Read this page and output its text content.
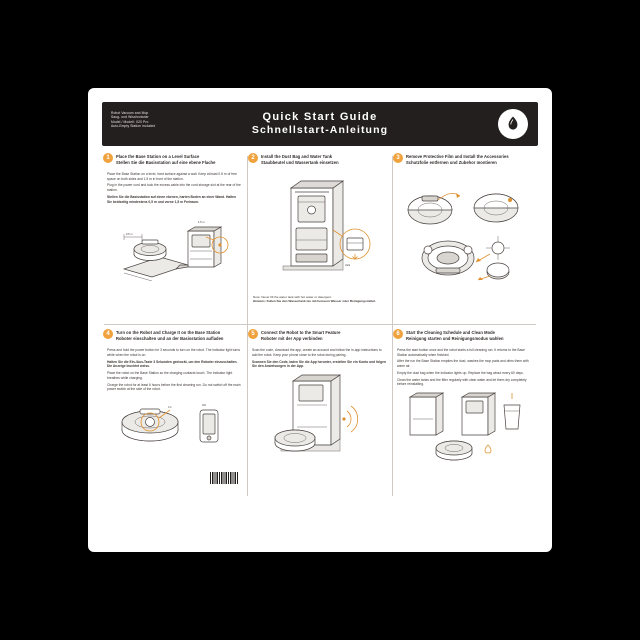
Robot Vacuum and Mop
Saug- und Wischroboter
Model / Modell: X20 Pro
Auto-Empty Station included
Quick Start Guide
Schnellstart-Anleitung
1	Place the Base Station on a Level Surface
Stellen Sie die Basisstation auf eine ebene Flache

Place the Base Station on a level, hard surface against a wall. Keep at least 0.5 m of free space on both sides and 1.5 m in front of the station.

Plug in the power cord and tuck the excess cable into the cord storage slot at the rear of the station.

Stellen Sie die Basisstation auf einen ebenen, harten Boden an einer Wand. Halten Sie beidseitig mindestens 0,5 m und vorne 1,5 m Freiraum.

0.5 m
1.5 m
2	Install the Dust Bag and Water Tank
Staubbeutel und Wassertank einsetzen
click
Note: Never fill the water tank with hot water or detergent.
Hinweis: Fullen Sie den Wassertank nie mit heissem Wasser oder Reinigungsmittel.
3	Remove Protective Film and Install the Accessories
Schutzfolie entfernen und Zubehor montieren
4	Turn on the Robot and Charge It on the Base Station
Roboter einschalten und an der Basisstation aufladen

Press and hold the power button for 3 seconds to turn on the robot. The indicator light turns white when the robot is on.

Halten Sie die Ein-/Aus-Taste 3 Sekunden gedruckt, um den Roboter einzuschalten. Die Anzeige leuchtet weiss.

Place the robot on the Base Station so the charging contacts touch. The indicator light breathes while charging.

Charge the robot for at least 6 hours before the first cleaning run. Do not switch off the main power switch at the side of the robot.

3 s
ON
5	Connect the Robot to the Smart Feature
Roboter mit der App verbinden

Scan the code, download the app, create an account and follow the in-app instructions to add the robot. Keep your phone close to the robot during pairing.

Scannen Sie den Code, laden Sie die App herunter, erstellen Sie ein Konto und folgen Sie den Anweisungen in der App.

6	Start the Cleaning Schedule and Clean Mode
Reinigung starten und Reinigungsmodus wahlen

Press the start button once and the robot starts a full cleaning run. It returns to the Base Station automatically when finished.

After the run the Base Station empties the dust, washes the mop pads and dries them with warm air.

Empty the dust bag when the indicator lights up. Replace the bag about every 60 days.

Clean the water tanks and the filter regularly with clear water and let them dry completely before reinstalling.
